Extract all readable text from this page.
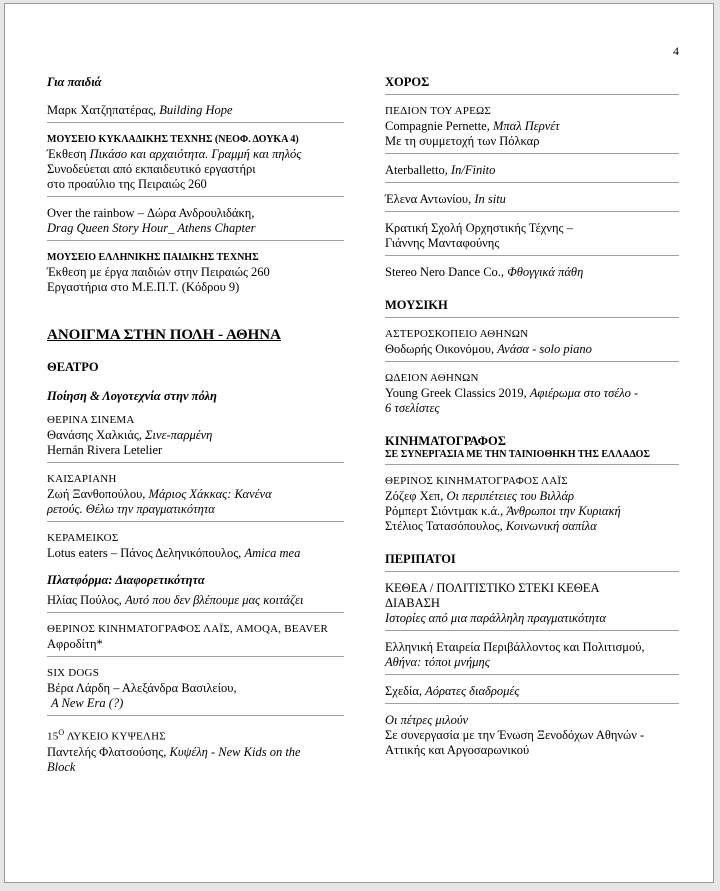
4
Για παιδιά
Μαρκ Χατζηπατέρας, Building Hope
ΜΟΥΣΕΙΟ ΚΥΚΛΑΔΙΚΗΣ ΤΕΧΝΗΣ (ΝΕΟΦ. ΔΟΥΚΑ 4)
Έκθεση Πικάσο και αρχαιότητα. Γραμμή και πηλός
Συνοδεύεται από εκπαιδευτικό εργαστήρι
στο προαύλιο της Πειραιώς 260
Over the rainbow – Δώρα Ανδρουλιδάκη,
Drag Queen Story Hour_ Athens Chapter
ΜΟΥΣΕΙΟ ΕΛΛΗΝΙΚΗΣ ΠΑΙΔΙΚΗΣ ΤΕΧΝΗΣ
Έκθεση με έργα παιδιών στην Πειραιώς 260
Εργαστήρια στο Μ.Ε.Π.Τ. (Κόδρου 9)
ΑΝΟΙΓΜΑ ΣΤΗΝ ΠΟΛΗ - ΑΘΗΝΑ
ΘΕΑΤΡΟ
Ποίηση & Λογοτεχνία στην πόλη
ΘΕΡΙΝΑ ΣΙΝΕΜΑ
Θανάσης Χαλκιάς, Σινε-παρμένη
Hernán Rivera Letelier
ΚΑΙΣΑΡΙΑΝΗ
Ζωή Ξανθοπούλου, Μάριος Χάκκας: Κανένα
ρετούς. Θέλω την πραγματικότητα
ΚΕΡΑΜΕΙΚΟΣ
Lotus eaters – Πάνος Δεληνικόπουλος, Amica mea
Πλατφόρμα: Διαφορετικότητα
Ηλίας Πούλος, Αυτό που δεν βλέπουμε μας κοιτάζει
ΘΕΡΙΝΟΣ ΚΙΝΗΜΑΤΟΓΡΑΦΟΣ ΛΑΪΣ, AMOQA, BEAVER
Αφροδίτη*
SIX DOGS
Βέρα Λάρδη – Αλεξάνδρα Βασιλείου,
A New Era (?)
$15^O$ ΛΥΚΕΙΟ ΚΥΨΕΛΗΣ
Παντελής Φλατσούσης, Κυψέλη - New Kids on the
Block
ΧΟΡΟΣ
ΠΕΔΙΟΝ ΤΟΥ ΑΡΕΩΣ
Compagnie Pernette, Μπαλ Περνέτ
Με τη συμμετοχή των Πόλκαρ
Aterballetto, In/Finito
Έλενα Αντωνίου, In situ
Κρατική Σχολή Ορχηστικής Τέχνης –
Γιάννης Μανταφούνης
Stereo Nero Dance Co., Φθογγικά πάθη
ΜΟΥΣΙΚΗ
ΑΣΤΕΡΟΣΚΟΠΕΙΟ ΑΘΗΝΩΝ
Θοδωρής Οικονόμου, Ανάσα - solo piano
ΩΔΕΙΟΝ ΑΘΗΝΩΝ
Young Greek Classics 2019, Αφιέρωμα στο τσέλο -
6 τσελίστες
ΚΙΝΗΜΑΤΟΓΡΑΦΟΣ
ΣΕ ΣΥΝΕΡΓΑΣΙΑ ΜΕ ΤΗΝ ΤΑΙΝΙΟΘΗΚΗ ΤΗΣ ΕΛΛΑΔΟΣ
ΘΕΡΙΝΟΣ ΚΙΝΗΜΑΤΟΓΡΑΦΟΣ ΛΑΪΣ
Ζόζεφ Χεπ, Οι περιπέτειες του Βιλλάρ
Ρόμπερτ Σιόντμακ κ.ά., Άνθρωποι την Κυριακή
Στέλιος Τατασόπουλος, Κοινωνική σαπίλα
ΠΕΡΙΠΑΤΟΙ
ΚΕΘΕΑ / ΠΟΛΙΤΙΣΤΙΚΟ ΣΤΕΚΙ ΚΕΘΕΑ
ΔΙΑΒΑΣΗ
Ιστορίες από μια παράλληλη πραγματικότητα
Ελληνική Εταιρεία Περιβάλλοντος και Πολιτισμού,
Αθήνα: τόποι μνήμης
Σχεδία, Αόρατες διαδρομές
Οι πέτρες μιλούν
Σε συνεργασία με την Ένωση Ξενοδόχων Αθηνών -
Αττικής και Αργοσαρωνικού
